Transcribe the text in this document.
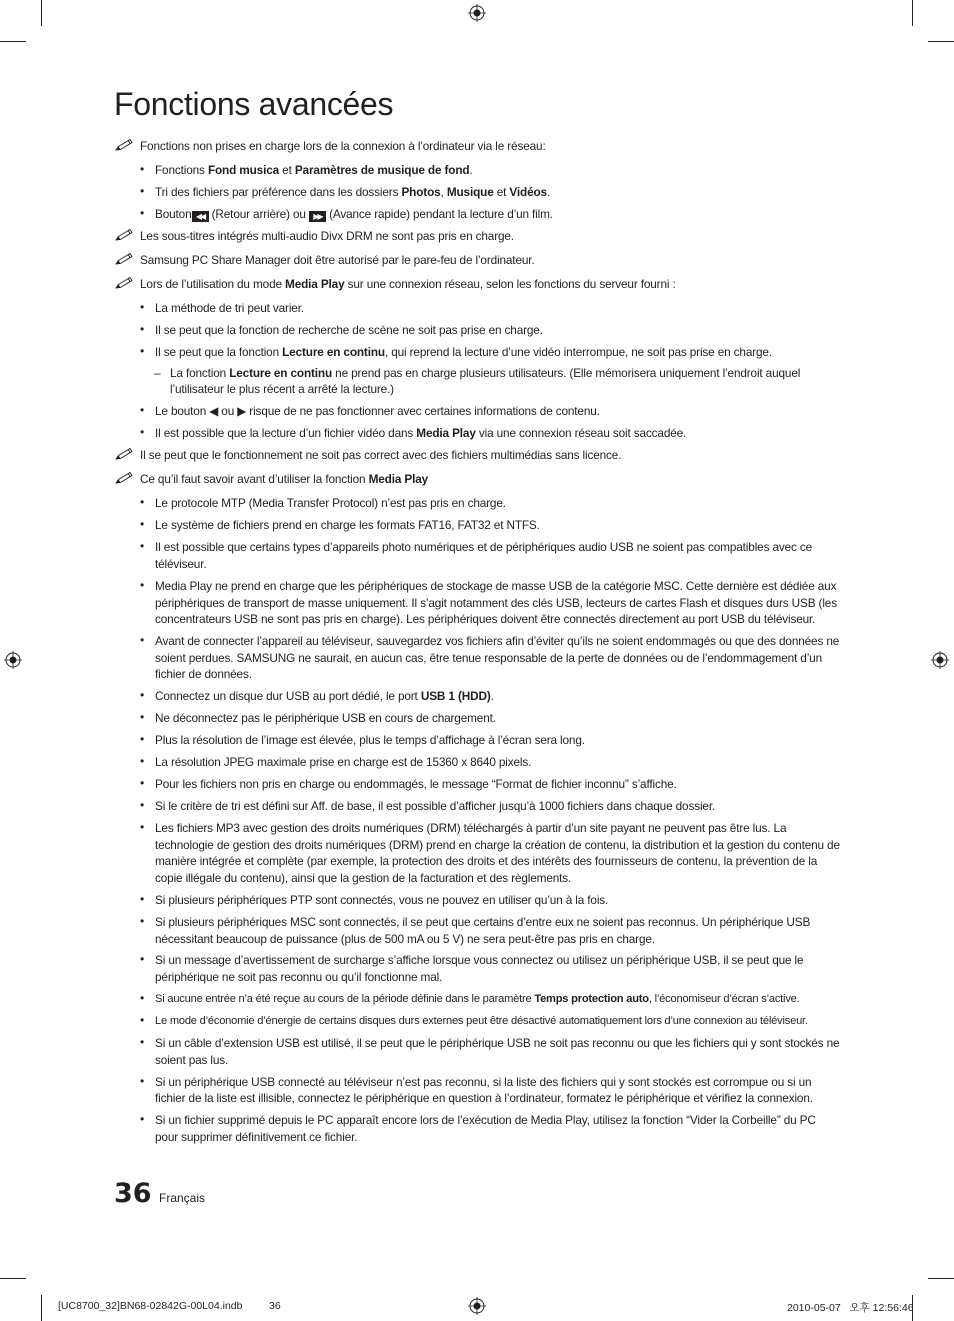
Fonctions avancées
Fonctions non prises en charge lors de la connexion à l’ordinateur via le réseau:
• Fonctions Fond musica et Paramètres de musique de fond.
• Tri des fichiers par préférence dans les dossiers Photos, Musique et Vidéos.
• Bouton ◀◀ (Retour arrière) ou ▶▶ (Avance rapide) pendant la lecture d’un film.
Les sous-titres intégrés multi-audio Divx DRM ne sont pas pris en charge.
Samsung PC Share Manager doit être autorisé par le pare-feu de l’ordinateur.
Lors de l’utilisation du mode Media Play sur une connexion réseau, selon les fonctions du serveur fourni :
• La méthode de tri peut varier.
• Il se peut que la fonction de recherche de scène ne soit pas prise en charge.
• Il se peut que la fonction Lecture en continu, qui reprend la lecture d’une vidéo interrompue, ne soit pas prise en charge.
– La fonction Lecture en continu ne prend pas en charge plusieurs utilisateurs. (Elle mémorisera uniquement l’endroit auquel l’utilisateur le plus récent a arrêté la lecture.)
• Le bouton ◀ ou ▶ risque de ne pas fonctionner avec certaines informations de contenu.
• Il est possible que la lecture d’un fichier vidéo dans Media Play via une connexion réseau soit saccadée.
Il se peut que le fonctionnement ne soit pas correct avec des fichiers multimédias sans licence.
Ce qu’il faut savoir avant d’utiliser la fonction Media Play
• Le protocole MTP (Media Transfer Protocol) n’est pas pris en charge.
• Le système de fichiers prend en charge les formats FAT16, FAT32 et NTFS.
• Il est possible que certains types d’appareils photo numériques et de périphériques audio USB ne soient pas compatibles avec ce téléviseur.
• Media Play ne prend en charge que les périphériques de stockage de masse USB de la catégorie MSC. Cette dernière est dédiée aux périphériques de transport de masse uniquement. Il s’agit notamment des clés USB, lecteurs de cartes Flash et disques durs USB (les concentrateurs USB ne sont pas pris en charge). Les périphériques doivent être connectés directement au port USB du téléviseur.
• Avant de connecter l’appareil au téléviseur, sauvegardez vos fichiers afin d’éviter qu’ils ne soient endommagés ou que des données ne soient perdues. SAMSUNG ne saurait, en aucun cas, être tenue responsable de la perte de données ou de l’endommagement d’un fichier de données.
• Connectez un disque dur USB au port dédié, le port USB 1 (HDD).
• Ne déconnectez pas le périphérique USB en cours de chargement.
• Plus la résolution de l’image est élevée, plus le temps d’affichage à l’écran sera long.
• La résolution JPEG maximale prise en charge est de 15360 x 8640 pixels.
• Pour les fichiers non pris en charge ou endommagés, le message “Format de fichier inconnu” s’affiche.
• Si le critère de tri est défini sur Aff. de base, il est possible d’afficher jusqu’à 1000 fichiers dans chaque dossier.
• Les fichiers MP3 avec gestion des droits numériques (DRM) téléchargés à partir d’un site payant ne peuvent pas être lus. La technologie de gestion des droits numériques (DRM) prend en charge la création de contenu, la distribution et la gestion du contenu de manière intégrée et complète (par exemple, la protection des droits et des intérêts des fournisseurs de contenu, la prévention de la copie illégale du contenu), ainsi que la gestion de la facturation et des règlements.
• Si plusieurs périphériques PTP sont connectés, vous ne pouvez en utiliser qu’un à la fois.
• Si plusieurs périphériques MSC sont connectés, il se peut que certains d’entre eux ne soient pas reconnus. Un périphérique USB nécessitant beaucoup de puissance (plus de 500 mA ou 5 V) ne sera peut-être pas pris en charge.
• Si un message d’avertissement de surcharge s’affiche lorsque vous connectez ou utilisez un périphérique USB, il se peut que le périphérique ne soit pas reconnu ou qu’il fonctionne mal.
• Si aucune entrée n’a été reçue au cours de la période définie dans le paramètre Temps protection auto, l’économiseur d’écran s’active.
• Le mode d’économie d’énergie de certains disques durs externes peut être désactivé automatiquement lors d’une connexion au téléviseur.
• Si un câble d’extension USB est utilisé, il se peut que le périphérique USB ne soit pas reconnu ou que les fichiers qui y sont stockés ne soient pas lus.
• Si un périphérique USB connecté au téléviseur n’est pas reconnu, si la liste des fichiers qui y sont stockés est corrompue ou si un fichier de la liste est illisible, connectez le périphérique en question à l’ordinateur, formatez le périphérique et vérifiez la connexion.
• Si un fichier supprimé depuis le PC apparaît encore lors de l’exécution de Media Play, utilisez la fonction “Vider la Corbeille” du PC pour supprimer définitivement ce fichier.
36 Français
[UC8700_32]BN68-02842G-00L04.indb	36	2010-05-07   오후 12:56:46
